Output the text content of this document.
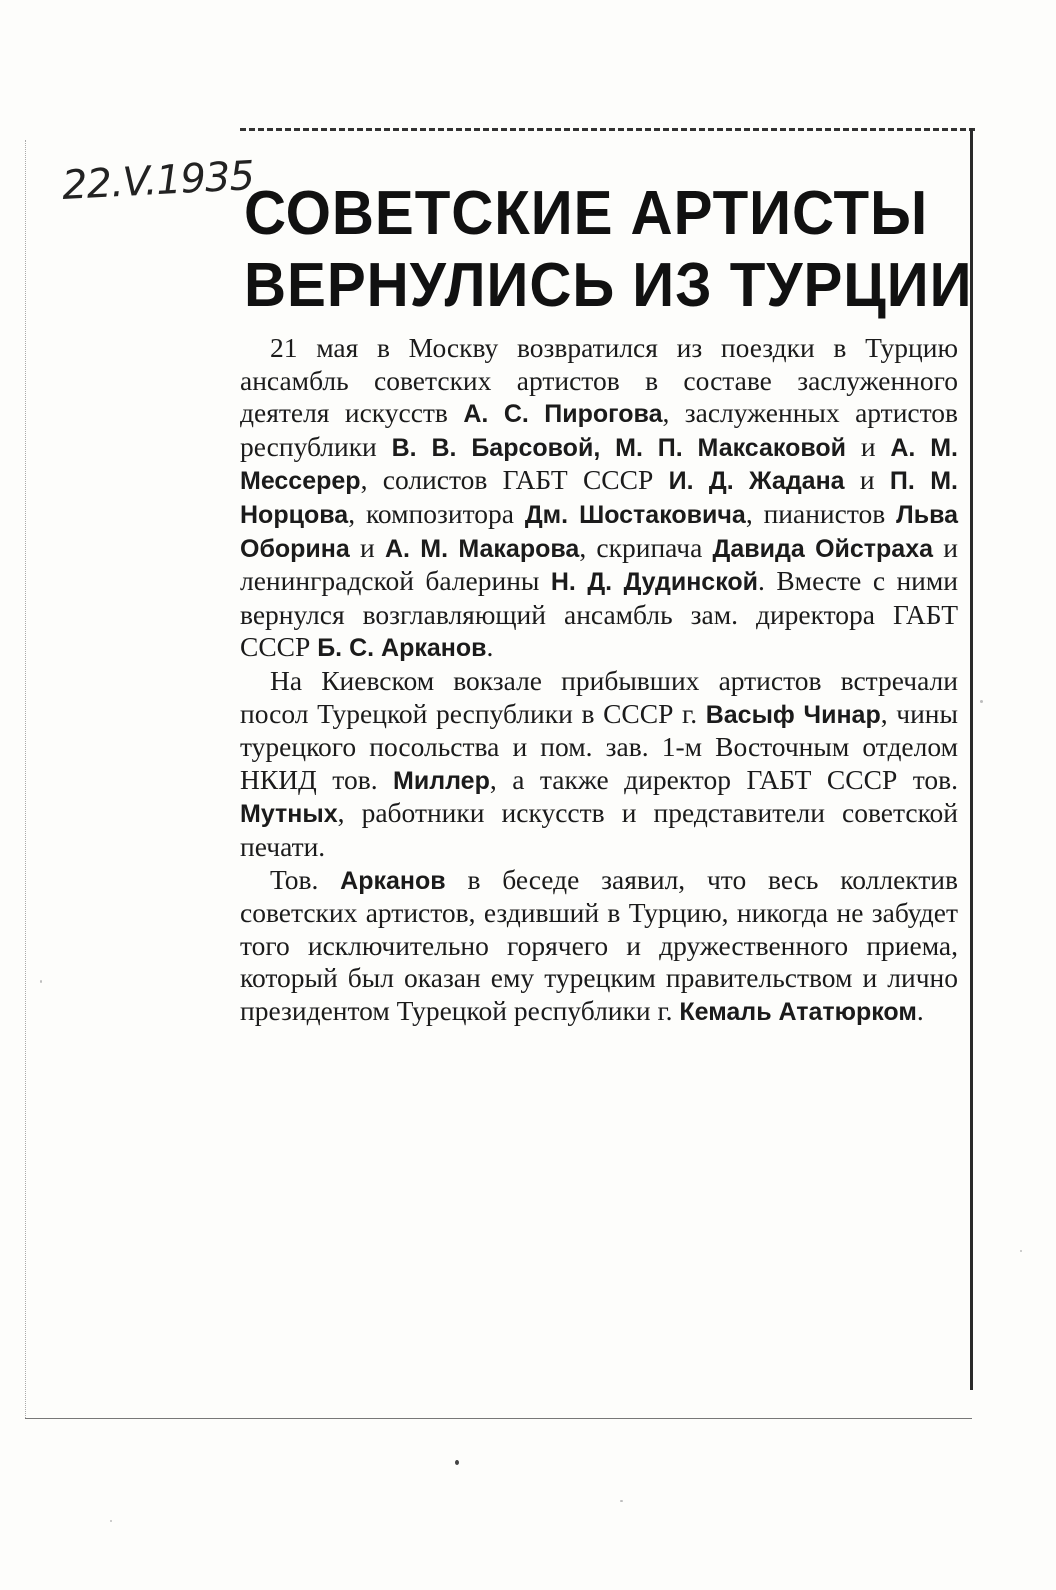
22.V.1935
СОВЕТСКИЕ АРТИСТЫ
ВЕРНУЛИСЬ ИЗ ТУРЦИИ

21 мая в Москву возвратился из поездки в Турцию ансамбль советских артистов в составе заслуженного деятеля искусств А. С. Пирогова, заслуженных артистов республики В. В. Барсовой, М. П. Максаковой и А. М. Мессерер, солистов ГАБТ СССР И. Д. Жадана и П. М. Норцова, композитора Дм. Шостаковича, пианистов Льва Оборина и А. М. Макарова, скрипача Давида Ойстраха и ленинградской балерины Н. Д. Дудинской. Вместе с ними вернулся возглавляющий ансамбль зам. директора ГАБТ СССР Б. С. Арканов.

На Киевском вокзале прибывших артистов встречали посол Турецкой республики в СССР г. Васыф Чинар, чины турецкого посольства и пом. зав. 1-м Восточным отделом НКИД тов. Миллер, а также директор ГАБТ СССР тов. Мутных, работники искусств и представители советской печати.

Тов. Арканов в беседе заявил, что весь коллектив советских артистов, ездивший в Турцию, никогда не забудет того исключительно горячего и дружественного приема, который был оказан ему турецким правительством и лично президентом Турецкой республики г. Кемаль Ататюрком.
